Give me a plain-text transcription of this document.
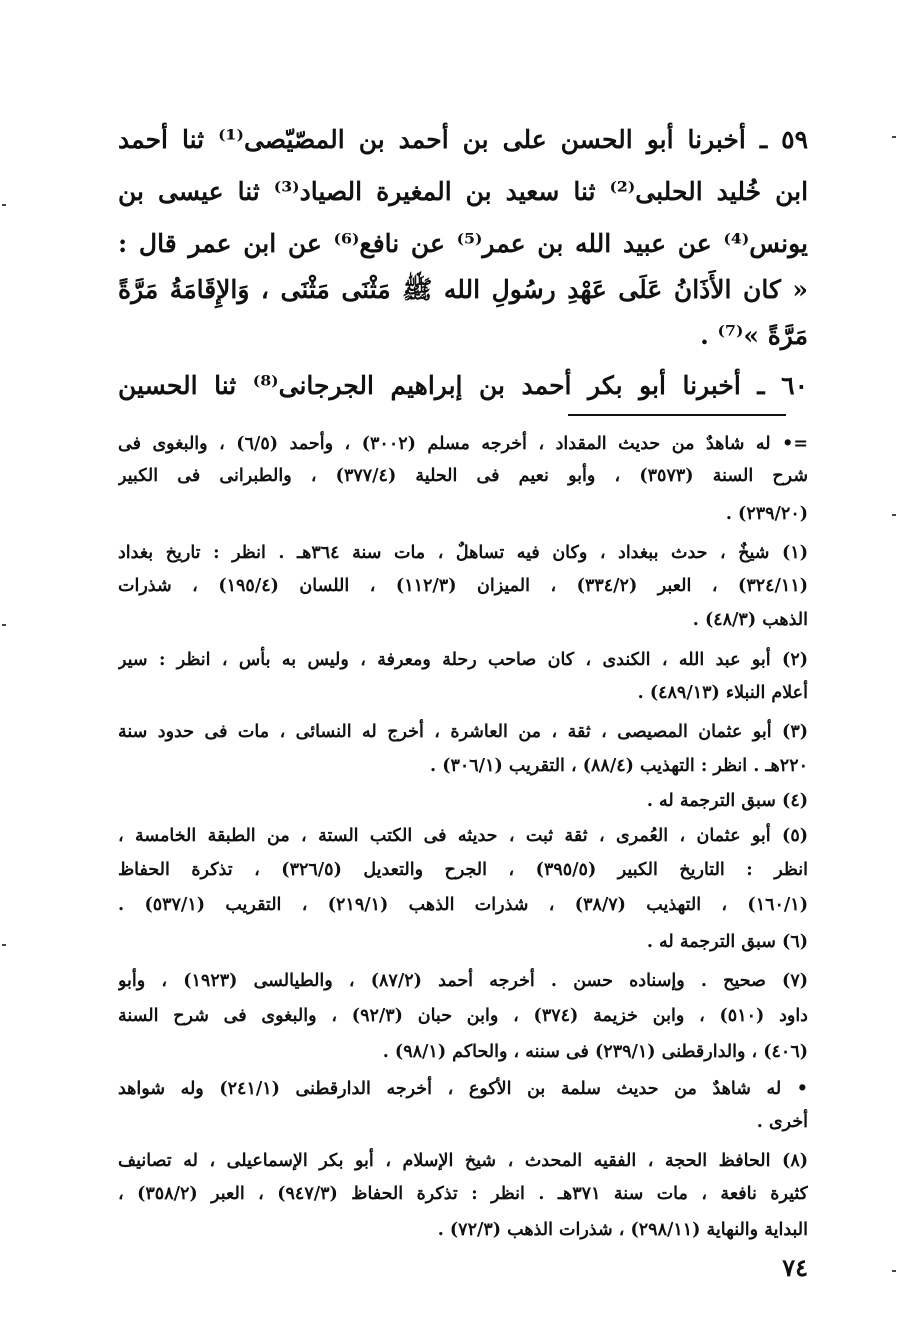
٥٩ ـ أخبرنا أبو الحسن على بن أحمد بن المصّيّصى⁽¹⁾ ثنا أحمد
ابن خُليد الحلبى⁽²⁾ ثنا سعيد بن المغيرة الصياد⁽³⁾ ثنا عيسى بن
يونس⁽⁴⁾ عن عبيد الله بن عمر⁽⁵⁾ عن نافع⁽⁶⁾ عن ابن عمر قال :
« كان الأَذَانُ عَلَى عَهْدِ رسُولِ الله ﷺ مَثْنَى مَثْنَى ، وَالإِقَامَةُ مَرَّةً
مَرَّةً »⁽⁷⁾ .
٦٠ ـ أخبرنا أبو بكر أحمد بن إبراهيم الجرجانى⁽⁸⁾ ثنا الحسين
=• له شاهدٌ من حديث المقداد ، أخرجه مسلم (٣٠٠٢) ، وأحمد (٦/٥) ، والبغوى فى
شرح السنة (٣٥٧٣) ، وأبو نعيم فى الحلية (٣٧٧/٤) ، والطبرانى فى الكبير
(٢٣٩/٢٠) .
(١) شيخٌ ، حدث ببغداد ، وكان فيه تساهلٌ ، مات سنة ٣٦٤هـ . انظر : تاريخ بغداد
(٣٢٤/١١) ، العبر (٣٣٤/٢) ، الميزان (١١٢/٣) ، اللسان (١٩٥/٤) ، شذرات
الذهب (٤٨/٣) .
(٢) أبو عبد الله ، الكندى ، كان صاحب رحلة ومعرفة ، وليس به بأس ، انظر : سير
أعلام النبلاء (٤٨٩/١٣) .
(٣) أبو عثمان المصيصى ، ثقة ، من العاشرة ، أخرج له النسائى ، مات فى حدود سنة
٢٢٠هـ . انظر : التهذيب (٨٨/٤) ، التقريب (٣٠٦/١) .
(٤) سبق الترجمة له .
(٥) أبو عثمان ، العُمرى ، ثقة ثبت ، حديثه فى الكتب الستة ، من الطبقة الخامسة ،
انظر : التاريخ الكبير (٣٩٥/٥) ، الجرح والتعديل (٣٢٦/٥) ، تذكرة الحفاظ
(١٦٠/١) ، التهذيب (٣٨/٧) ، شذرات الذهب (٢١٩/١) ، التقريب (٥٣٧/١) .
(٦) سبق الترجمة له .
(٧) صحيح . وإسناده حسن . أخرجه أحمد (٨٧/٢) ، والطيالسى (١٩٢٣) ، وأبو
داود (٥١٠) ، وابن خزيمة (٣٧٤) ، وابن حبان (٩٢/٣) ، والبغوى فى شرح السنة
(٤٠٦) ، والدارقطنى (٢٣٩/١) فى سننه ، والحاكم (٩٨/١) .
• له شاهدٌ من حديث سلمة بن الأكوع ، أخرجه الدارقطنى (٢٤١/١) وله شواهد
أخرى .
(٨) الحافظ الحجة ، الفقيه المحدث ، شيخ الإسلام ، أبو بكر الإسماعيلى ، له تصانيف
كثيرة نافعة ، مات سنة ٣٧١هـ . انظر : تذكرة الحفاظ (٩٤٧/٣) ، العبر (٣٥٨/٢) ،
البداية والنهاية (٢٩٨/١١) ، شذرات الذهب (٧٢/٣) .
٧٤
